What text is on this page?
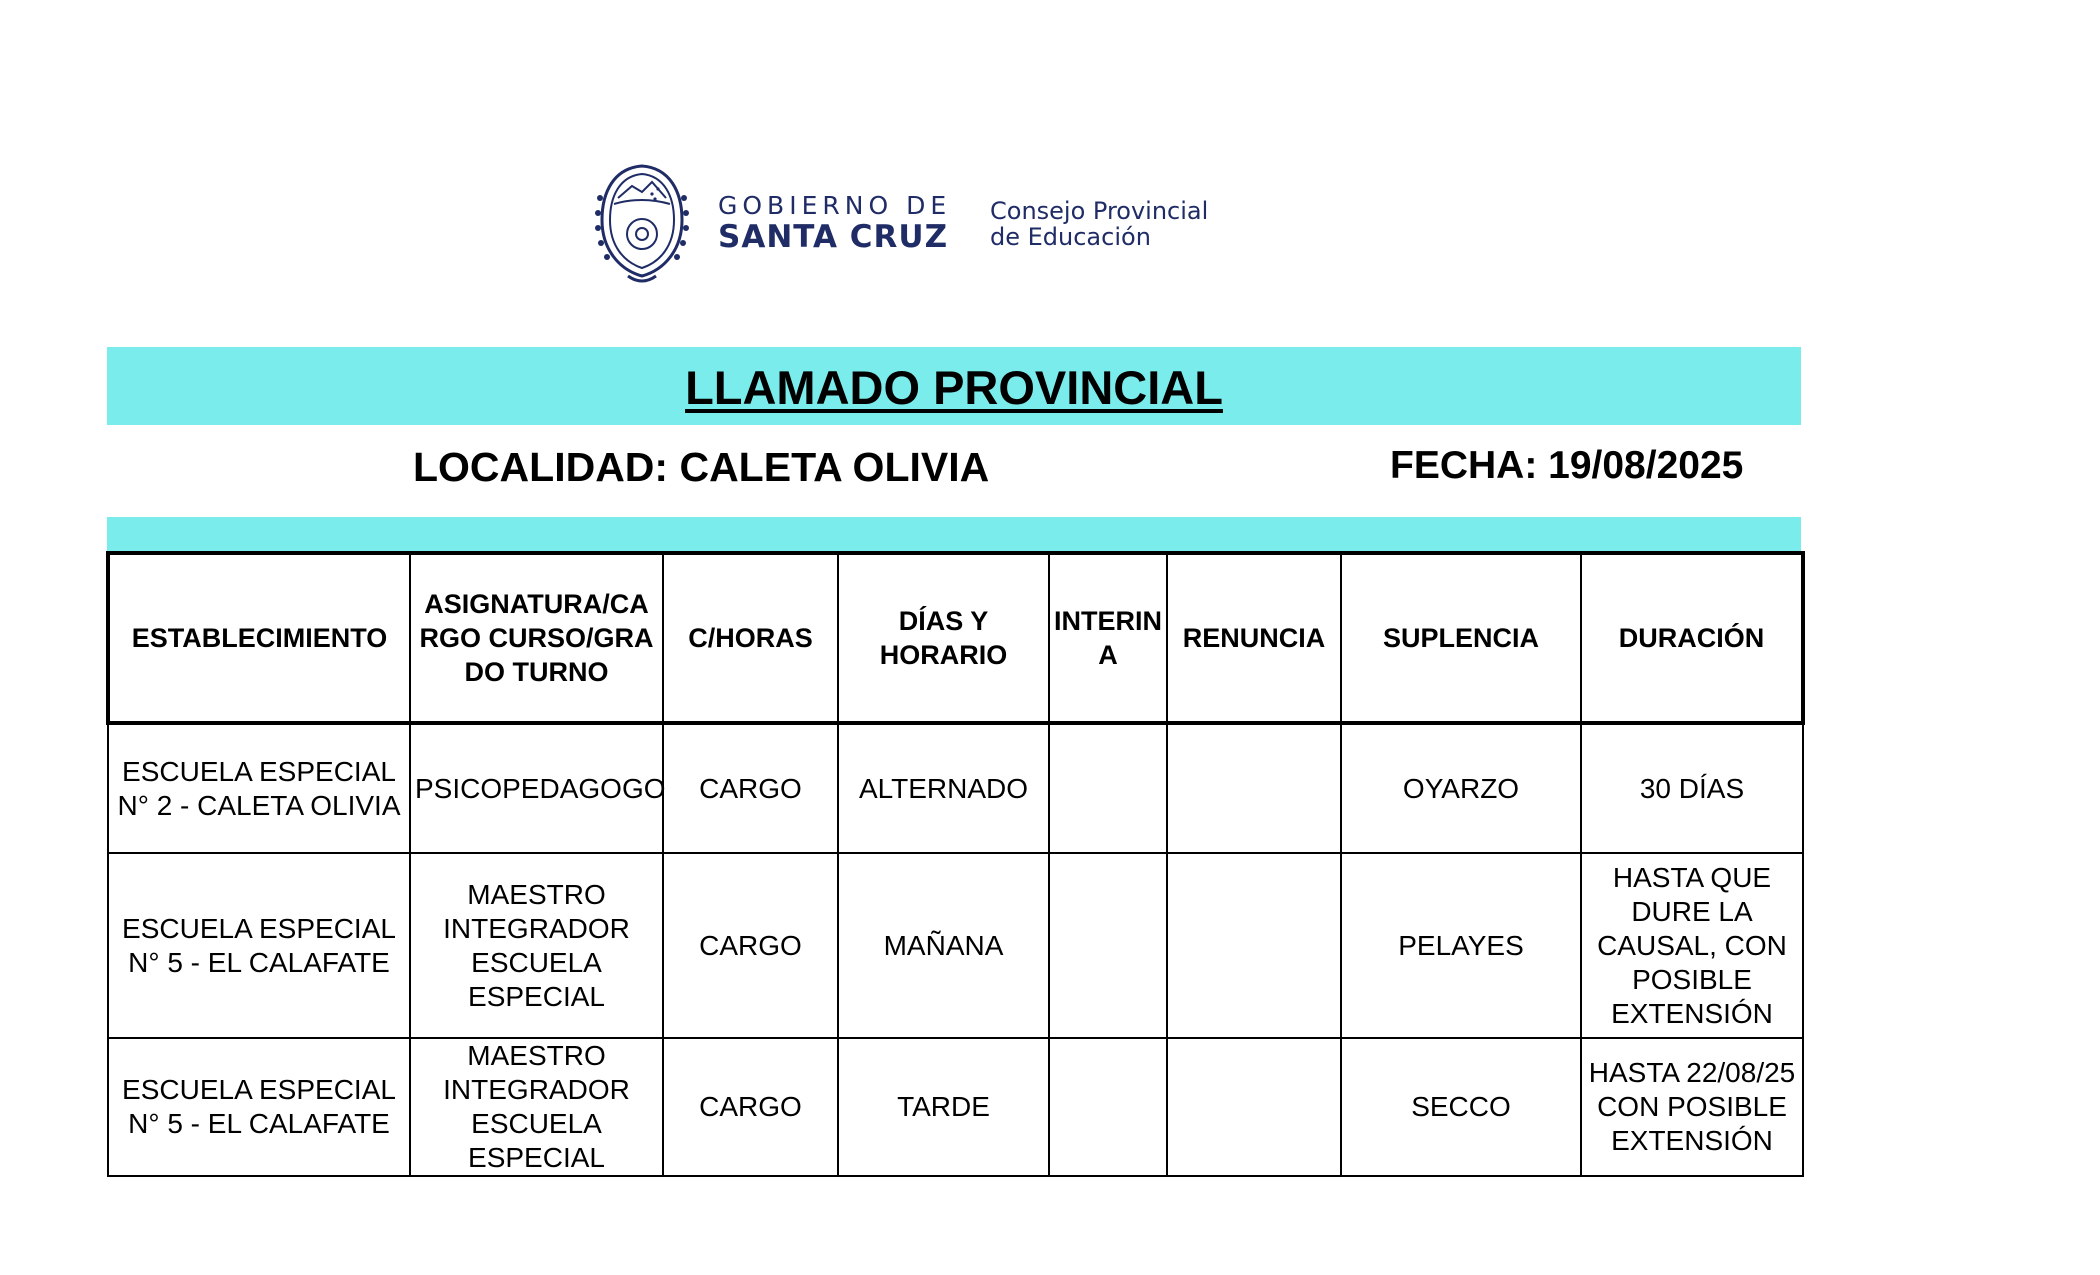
GOBIERNO DE
SANTA CRUZ
Consejo Provincial
de Educación
LLAMADO PROVINCIAL
LOCALIDAD: CALETA OLIVIA	FECHA: 19/08/2025
ESTABLECIMIENTO	ASIGNATURA/CARGO CURSO/GRADO TURNO	C/HORAS	DÍAS Y HORARIO	INTERINA	RENUNCIA	SUPLENCIA	DURACIÓN
ESCUELA ESPECIAL N° 2 - CALETA OLIVIA	PSICOPEDAGOGO	CARGO	ALTERNADO			OYARZO	30 DÍAS
ESCUELA ESPECIAL N° 5 - EL CALAFATE	MAESTRO INTEGRADOR ESCUELA ESPECIAL	CARGO	MAÑANA			PELAYES	HASTA QUE DURE LA CAUSAL, CON POSIBLE EXTENSIÓN
ESCUELA ESPECIAL N° 5 - EL CALAFATE	MAESTRO INTEGRADOR ESCUELA ESPECIAL	CARGO	TARDE			SECCO	HASTA 22/08/25 CON POSIBLE EXTENSIÓN
